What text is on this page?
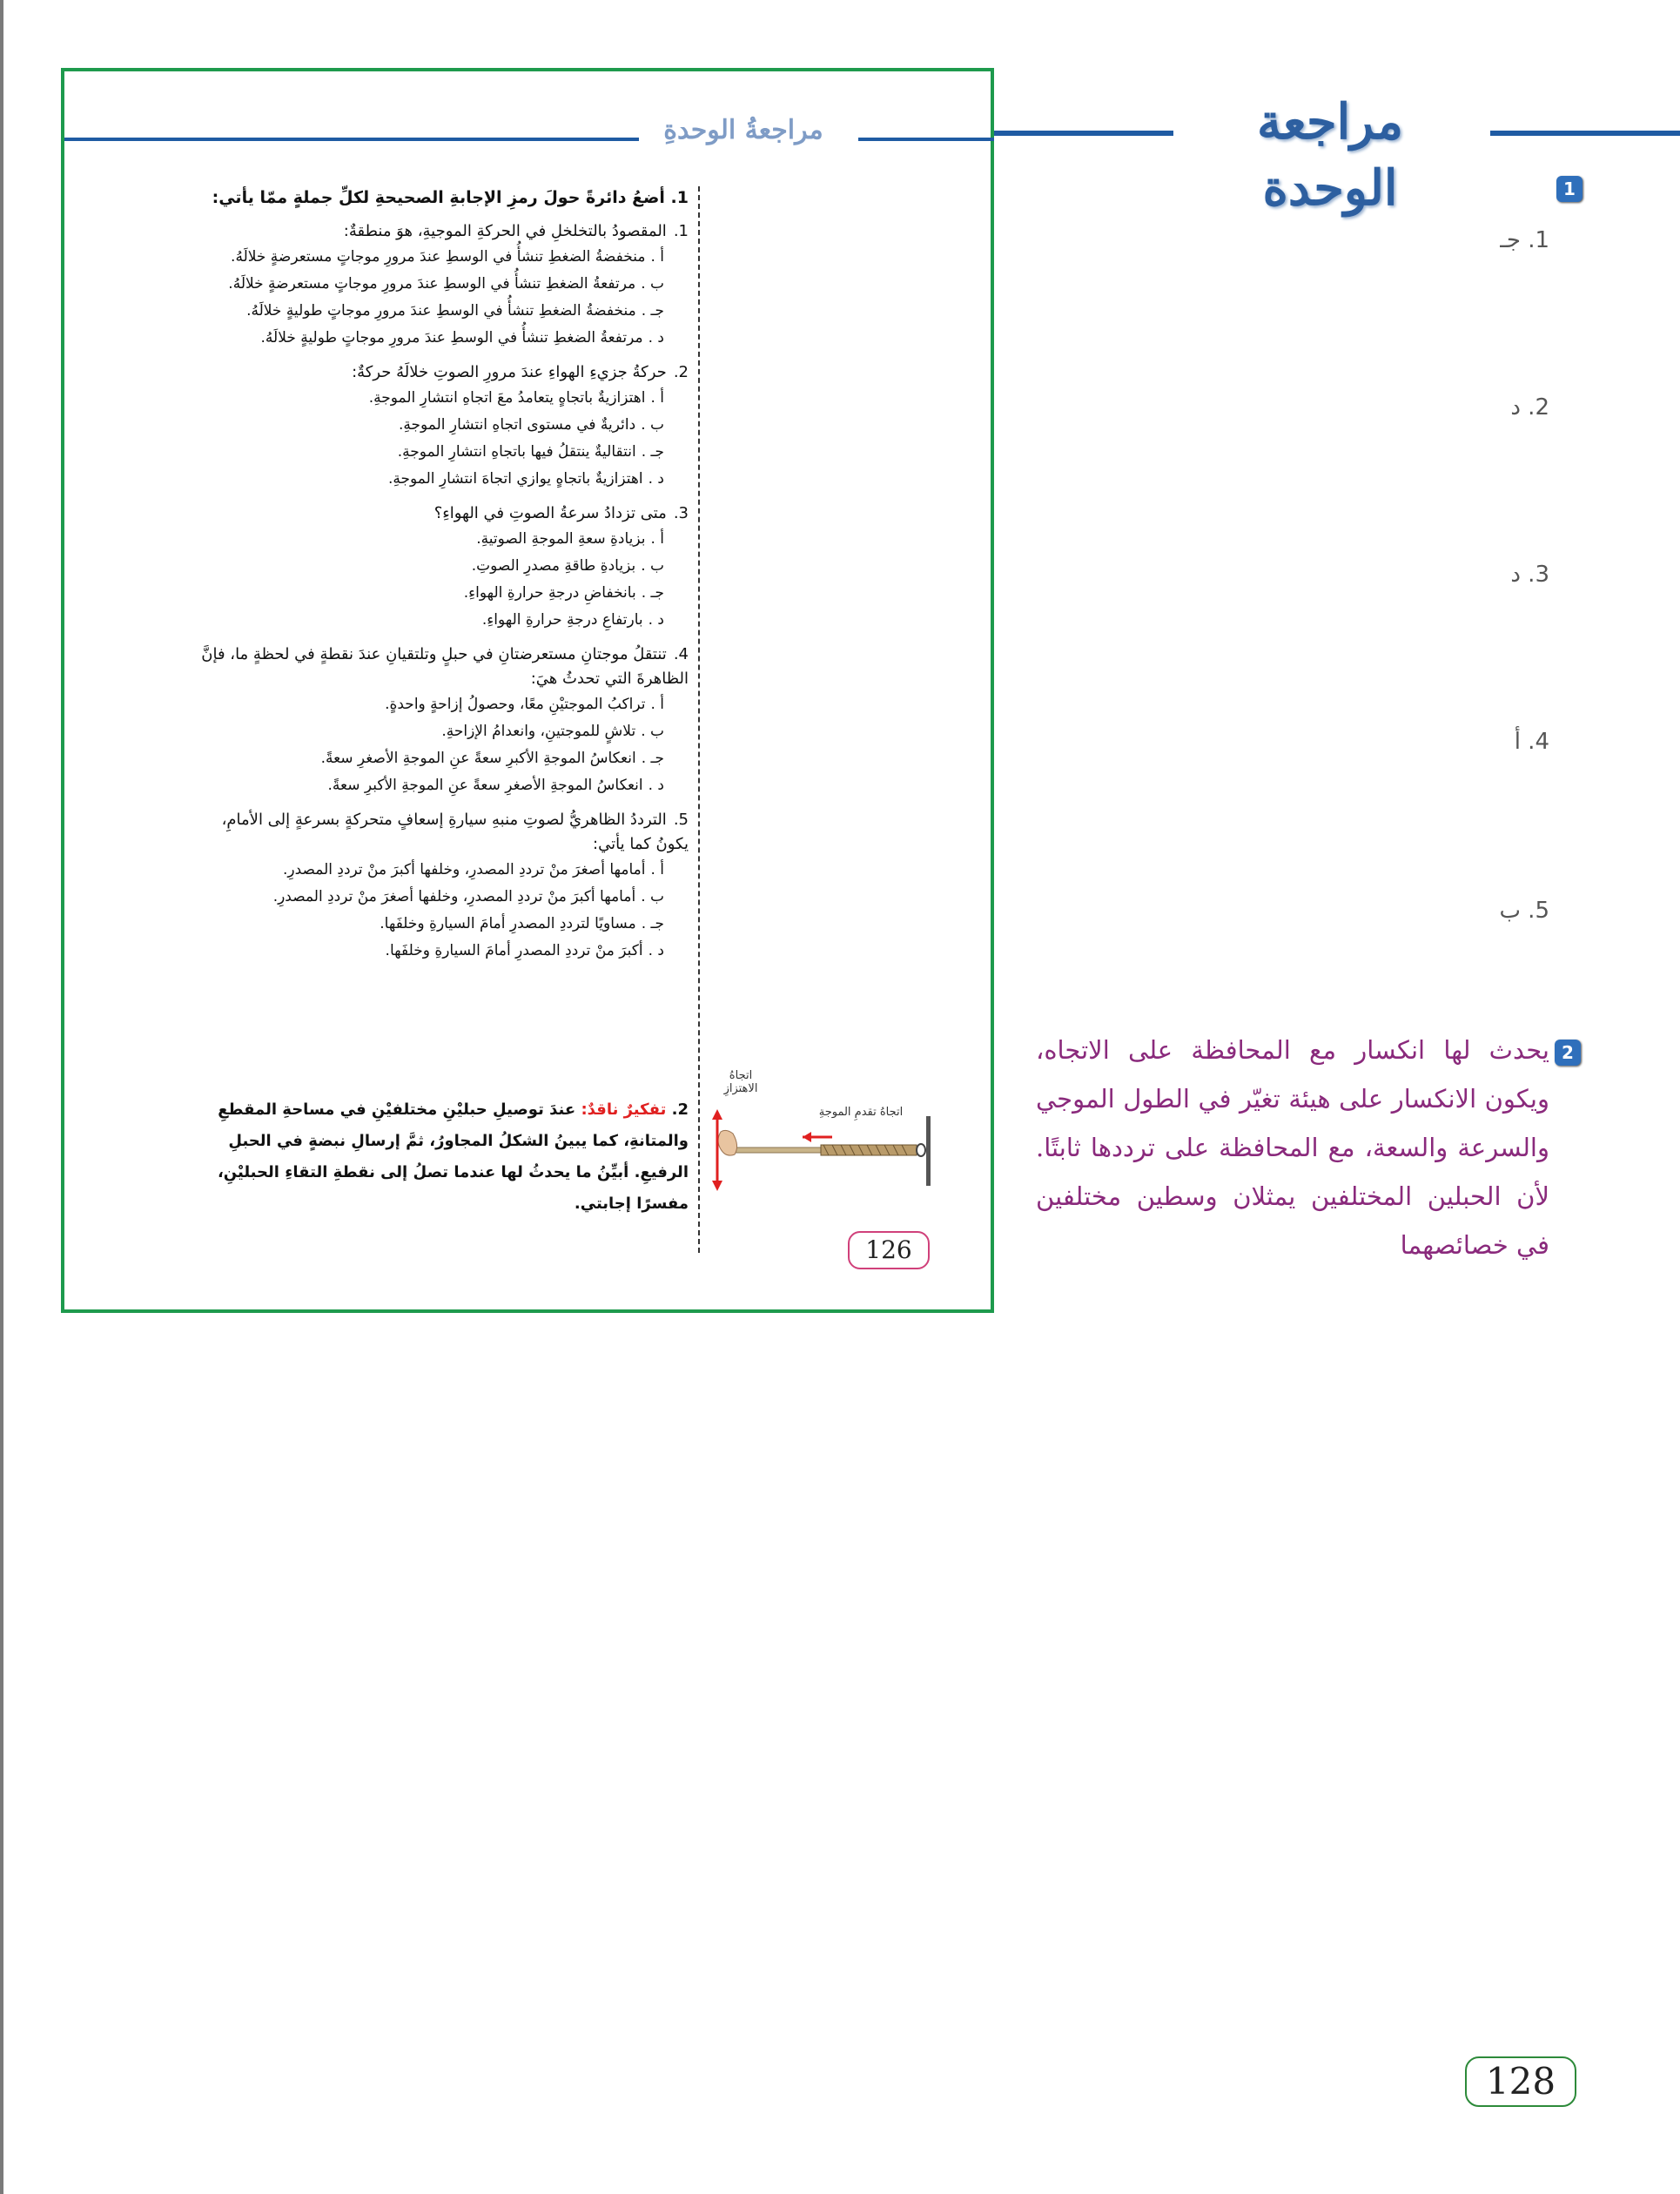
مراجعة الوحدة
مراجعةُ الوحدةِ
1. أضعُ دائرةً حولَ رمزِ الإجابةِ الصحيحةِ لكلِّ جملةٍ ممّا يأتي:
1.المقصودُ بالتخلخلِ في الحركةِ الموجيةِ، هوَ منطقةٌ:
أ .منخفضةُ الضغطِ تنشأُ في الوسطِ عندَ مرورِ موجاتٍ مستعرضةٍ خلالَهُ.
ب .مرتفعةُ الضغطِ تنشأُ في الوسطِ عندَ مرورِ موجاتٍ مستعرضةٍ خلالَهُ.
جـ .منخفضةُ الضغطِ تنشأُ في الوسطِ عندَ مرورِ موجاتٍ طوليةٍ خلالَهُ.
د .مرتفعةُ الضغطِ تنشأُ في الوسطِ عندَ مرورِ موجاتٍ طوليةٍ خلالَهُ.
2.حركةُ جزيءِ الهواءِ عندَ مرورِ الصوتِ خلالَهُ حركةٌ:
أ .اهتزازيةٌ باتجاهٍ يتعامدُ معَ اتجاهِ انتشارِ الموجةِ.
ب .دائريةٌ في مستوى اتجاهِ انتشارِ الموجةِ.
جـ .انتقاليةٌ ينتقلُ فيها باتجاهِ انتشارِ الموجةِ.
د .اهتزازيةٌ باتجاهٍ يوازي اتجاهَ انتشارِ الموجةِ.
3.متى تزدادُ سرعةُ الصوتِ في الهواءِ؟
أ .بزيادةِ سعةِ الموجةِ الصوتيةِ.
ب .بزيادةِ طاقةِ مصدرِ الصوتِ.
جـ .بانخفاضِ درجةِ حرارةِ الهواءِ.
د .بارتفاعِ درجةِ حرارةِ الهواءِ.
4.تنتقلُ موجتانِ مستعرضتانِ في حبلٍ وتلتقيانِ عندَ نقطةٍ في لحظةٍ ما، فإنَّ الظاهرةَ التي تحدثُ هيَ:
أ .تراكبُ الموجتيْنِ معًا، وحصولُ إزاحةٍ واحدةٍ.
ب .تلاشٍ للموجتينِ، وانعدامُ الإزاحةِ.
جـ .انعكاسُ الموجةِ الأكبرِ سعةً عنِ الموجةِ الأصغرِ سعةً.
د .انعكاسُ الموجةِ الأصغرِ سعةً عنِ الموجةِ الأكبرِ سعةً.
5.الترددُ الظاهريُّ لصوتِ منبهِ سيارةِ إسعافٍ متحركةٍ بسرعةٍ إلى الأمامِ، يكونُ كما يأتي:
أ .أمامها أصغرَ منْ ترددِ المصدرِ، وخلفها أكبرَ منْ ترددِ المصدرِ.
ب .أمامها أكبرَ منْ ترددِ المصدرِ، وخلفها أصغرَ منْ ترددِ المصدرِ.
جـ .مساويًا لترددِ المصدرِ أمامَ السيارةِ وخلفَها.
د .أكبرَ منْ ترددِ المصدرِ أمامَ السيارةِ وخلفَها.
2. تفكيرٌ ناقدٌ: عندَ توصيلِ حبليْنِ مختلفيْنِ في مساحةِ المقطعِ والمتانةِ، كما يبينُ الشكلُ المجاورُ، ثمَّ إرسالِ نبضةٍ في الحبلِ الرفيعِ. أبيِّنُ ما يحدثُ لها عندما تصلُ إلى نقطةِ التقاءِ الحبليْنِ، مفسرًا إجابتي.
اتجاهُ الاهتزازِ
اتجاهُ تقدمِ الموجةِ
126
1
1. جـ
2. د
3. د
4. أ
5. ب
2
يحدث لها انكسار مع المحافظة على الاتجاه، ويكون الانكسار على هيئة تغيّر في الطول الموجي والسرعة والسعة، مع المحافظة على ترددها ثابتًا. لأن الحبلين المختلفين يمثلان وسطين مختلفين في خصائصهما
128
